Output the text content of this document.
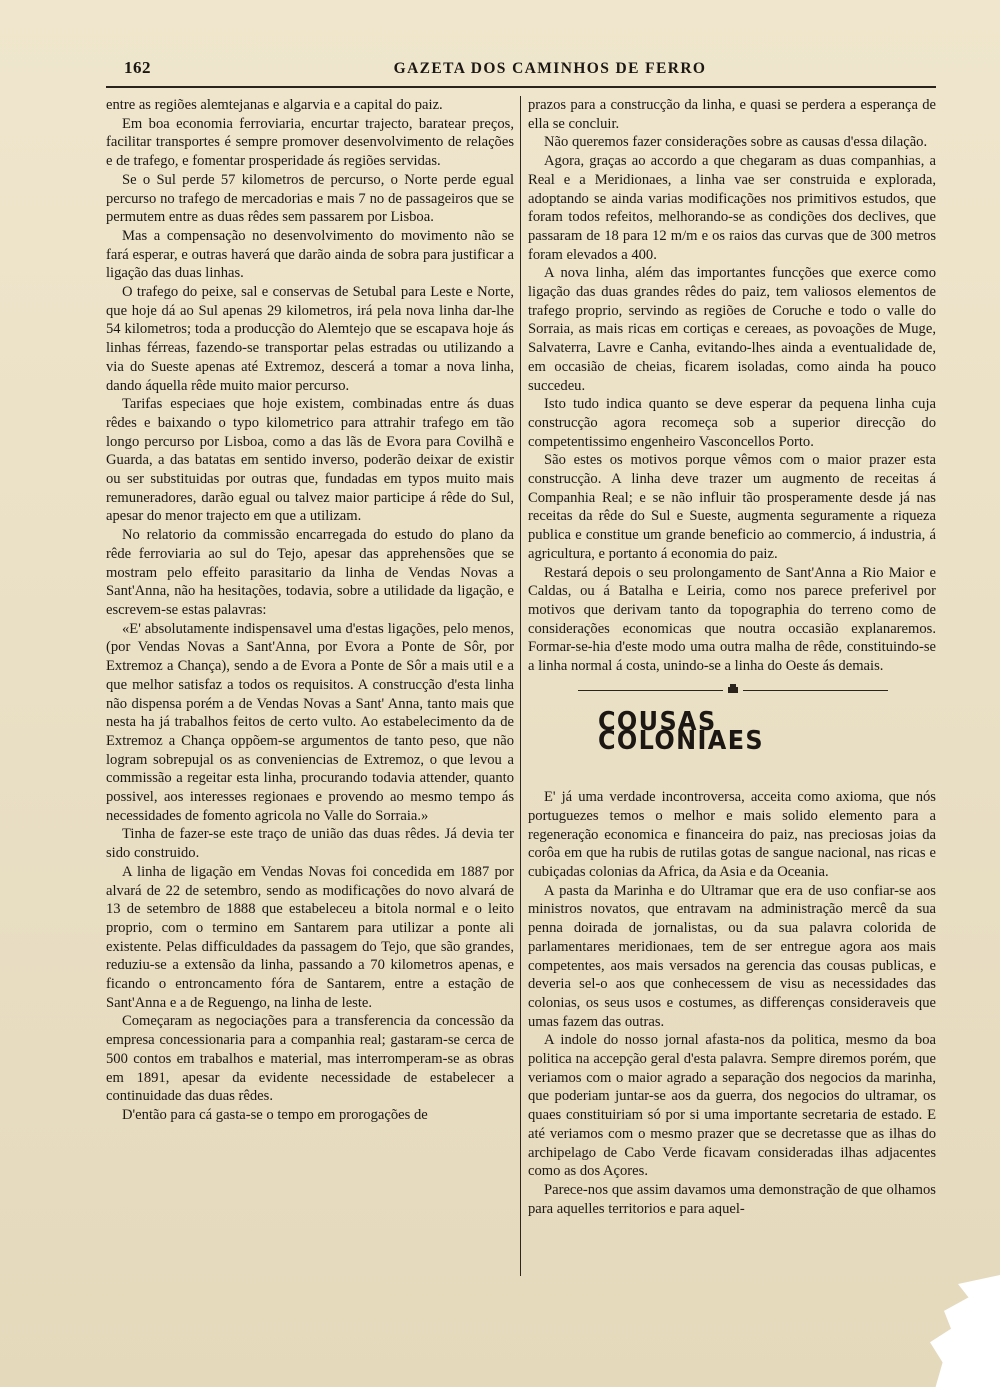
162	GAZETA DOS CAMINHOS DE FERRO

entre as regiões alemtejanas e algarvia e a capital do paiz.

Em boa economia ferroviaria, encurtar trajecto, baratear preços, facilitar transportes é sempre promover desenvolvimento de relações e de trafego, e fomentar prosperidade ás regiões servidas.

Se o Sul perde 57 kilometros de percurso, o Norte perde egual percurso no trafego de mercadorias e mais 7 no de passageiros que se permutem entre as duas rêdes sem passarem por Lisboa.

Mas a compensação no desenvolvimento do movimento não se fará esperar, e outras haverá que darão ainda de sobra para justificar a ligação das duas linhas.

O trafego do peixe, sal e conservas de Setubal para Leste e Norte, que hoje dá ao Sul apenas 29 kilometros, irá pela nova linha dar-lhe 54 kilometros; toda a producção do Alemtejo que se escapava hoje ás linhas férreas, fazendo-se transportar pelas estradas ou utilizando a via do Sueste apenas até Extremoz, descerá a tomar a nova linha, dando áquella rêde muito maior percurso.

Tarifas especiaes que hoje existem, combinadas entre ás duas rêdes e baixando o typo kilometrico para attrahir trafego em tão longo percurso por Lisboa, como a das lãs de Evora para Covilhã e Guarda, a das batatas em sentido inverso, poderão deixar de existir ou ser substituidas por outras que, fundadas em typos muito mais remuneradores, darão egual ou talvez maior participe á rêde do Sul, apesar do menor trajecto em que a utilizam.

No relatorio da commissão encarregada do estudo do plano da rêde ferroviaria ao sul do Tejo, apesar das apprehensões que se mostram pelo effeito parasitario da linha de Vendas Novas a Sant'Anna, não ha hesitações, todavia, sobre a utilidade da ligação, e escrevem-se estas palavras:

«E' absolutamente indispensavel uma d'estas ligações, pelo menos, (por Vendas Novas a Sant'Anna, por Evora a Ponte de Sôr, por Extremoz a Chança), sendo a de Evora a Ponte de Sôr a mais util e a que melhor satisfaz a todos os requisitos. A construcção d'esta linha não dispensa porém a de Vendas Novas a Sant' Anna, tanto mais que nesta ha já trabalhos feitos de certo vulto. Ao estabelecimento da de Extremoz a Chança oppõem-se argumentos de tanto peso, que não logram sobrepujal os as conveniencias de Extremoz, o que levou a commissão a regeitar esta linha, procurando todavia attender, quanto possivel, aos interesses regionaes e provendo ao mesmo tempo ás necessidades de fomento agricola no Valle do Sorraia.»

Tinha de fazer-se este traço de união das duas rêdes. Já devia ter sido construido.

A linha de ligação em Vendas Novas foi concedida em 1887 por alvará de 22 de setembro, sendo as modificações do novo alvará de 13 de setembro de 1888 que estabeleceu a bitola normal e o leito proprio, com o termino em Santarem para utilizar a ponte ali existente. Pelas difficuldades da passagem do Tejo, que são grandes, reduziu-se a extensão da linha, passando a 70 kilometros apenas, e ficando o entroncamento fóra de Santarem, entre a estação de Sant'Anna e a de Reguengo, na linha de leste.

Começaram as negociações para a transferencia da concessão da empresa concessionaria para a companhia real; gastaram-se cerca de 500 contos em trabalhos e material, mas interromperam-se as obras em 1891, apesar da evidente necessidade de estabelecer a continuidade das duas rêdes.

D'então para cá gasta-se o tempo em prorogações de

prazos para a construcção da linha, e quasi se perdera a esperança de ella se concluir.

Não queremos fazer considerações sobre as causas d'essa dilação.

Agora, graças ao accordo a que chegaram as duas companhias, a Real e a Meridionaes, a linha vae ser construida e explorada, adoptando se ainda varias modificações nos primitivos estudos, que foram todos refeitos, melhorando-se as condições dos declives, que passaram de 18 para 12 m/m e os raios das curvas que de 300 metros foram elevados a 400.

A nova linha, além das importantes funcções que exerce como ligação das duas grandes rêdes do paiz, tem valiosos elementos de trafego proprio, servindo as regiões de Coruche e todo o valle do Sorraia, as mais ricas em cortiças e cereaes, as povoações de Muge, Salvaterra, Lavre e Canha, evitando-lhes ainda a eventualidade de, em occasião de cheias, ficarem isoladas, como ainda ha pouco succedeu.

Isto tudo indica quanto se deve esperar da pequena linha cuja construcção agora recomeça sob a superior direcção do competentissimo engenheiro Vasconcellos Porto.

São estes os motivos porque vêmos com o maior prazer esta construcção. A linha deve trazer um augmento de receitas á Companhia Real; e se não influir tão prosperamente desde já nas receitas da rêde do Sul e Sueste, augmenta seguramente a riqueza publica e constitue um grande beneficio ao commercio, á industria, á agricultura, e portanto á economia do paiz.

Restará depois o seu prolongamento de Sant'Anna a Rio Maior e Caldas, ou á Batalha e Leiria, como nos parece preferivel por motivos que derivam tanto da topographia do terreno como de considerações economicas que noutra occasião explanaremos. Formar-se-hia d'este modo uma outra malha de rêde, constituindo-se a linha normal á costa, unindo-se a linha do Oeste ás demais.

COUSAS COLONIAES

E' já uma verdade incontroversa, acceita como axioma, que nós portuguezes temos o melhor e mais solido elemento para a regeneração economica e financeira do paiz, nas preciosas joias da corôa em que ha rubis de rutilas gotas de sangue nacional, nas ricas e cubiçadas colonias da Africa, da Asia e da Oceania.

A pasta da Marinha e do Ultramar que era de uso confiar-se aos ministros novatos, que entravam na administração mercê da sua penna doirada de jornalistas, ou da sua palavra colorida de parlamentares meridionaes, tem de ser entregue agora aos mais competentes, aos mais versados na gerencia das cousas publicas, e deveria sel-o aos que conhecessem de visu as necessidades das colonias, os seus usos e costumes, as differenças consideraveis que umas fazem das outras.

A indole do nosso jornal afasta-nos da politica, mesmo da boa politica na accepção geral d'esta palavra. Sempre diremos porém, que veriamos com o maior agrado a separação dos negocios da marinha, que poderiam juntar-se aos da guerra, dos negocios do ultramar, os quaes constituiriam só por si uma importante secretaria de estado. E até veriamos com o mesmo prazer que se decretasse que as ilhas do archipelago de Cabo Verde ficavam consideradas ilhas adjacentes como as dos Açores.

Parece-nos que assim davamos uma demonstração de que olhamos para aquelles territorios e para aquel-
